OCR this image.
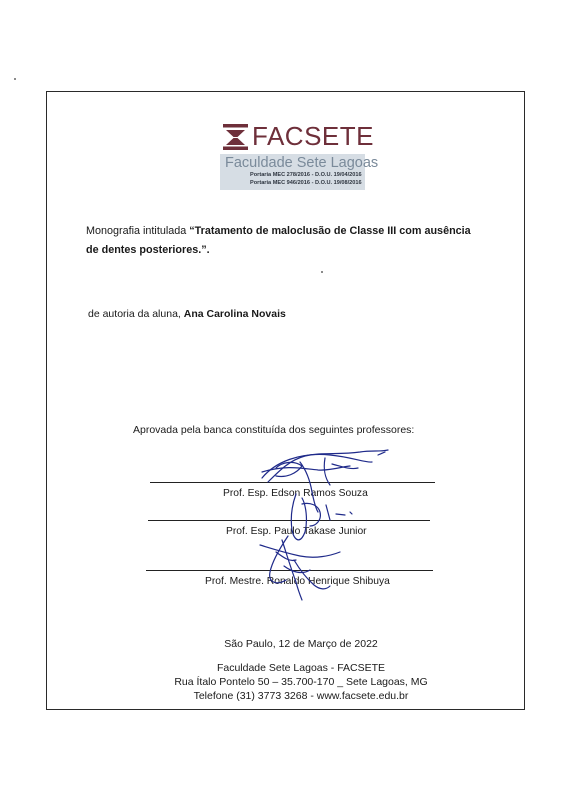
FACSETE
Faculdade Sete Lagoas
Portaria MEC 278/2016 - D.O.U. 19/04/2016
Portaria MEC 946/2016 - D.O.U. 19/08/2016
Monografia intitulada “Tratamento de maloclusão de Classe III com ausência de dentes posteriores.”.
de autoria da aluna, Ana Carolina Novais
Aprovada pela banca constituída dos seguintes professores:
Prof. Esp. Edson Ramos Souza
Prof. Esp. Paulo Takase Junior
Prof. Mestre. Ronaldo Henrique Shibuya
São Paulo, 12 de Março de 2022
Faculdade Sete Lagoas - FACSETE
Rua Ítalo Pontelo 50 – 35.700-170 _ Sete Lagoas, MG
Telefone (31) 3773 3268 - www.facsete.edu.br
